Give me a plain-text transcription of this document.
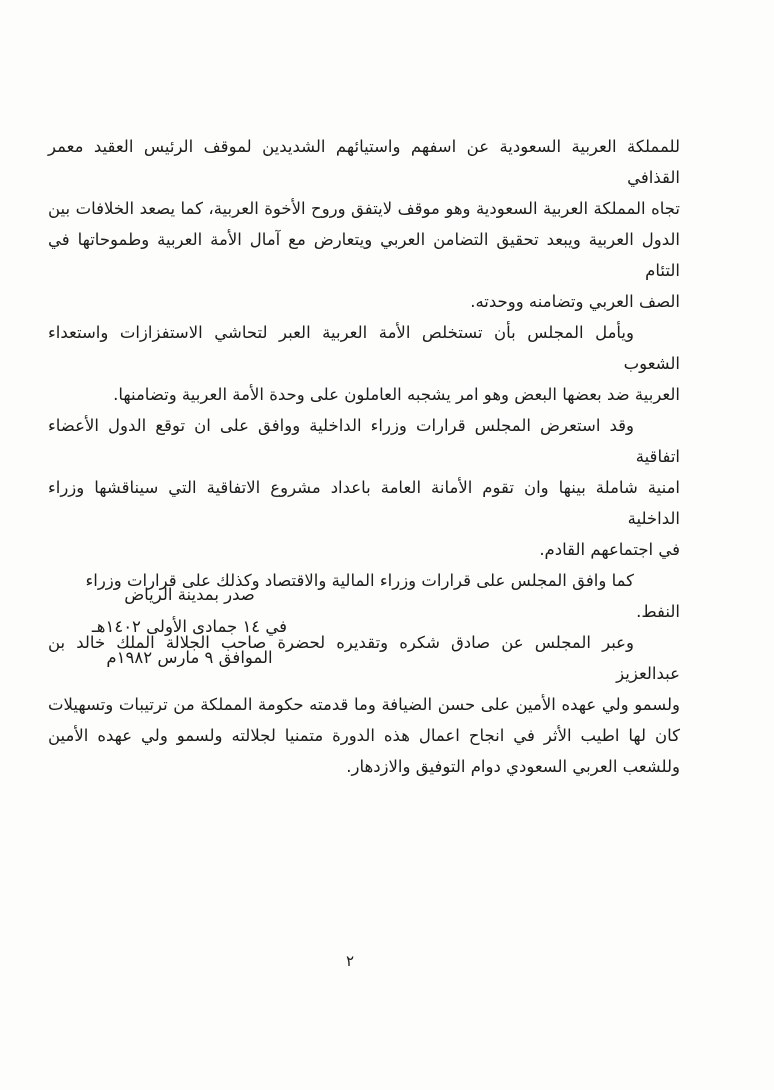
للمملكة العربية السعودية عن اسفهم واستيائهم الشديدين لموقف الرئيس العقيد معمر القذافي
تجاه المملكة العربية السعودية وهو موقف لايتفق وروح الأخوة العربية، كما يصعد الخلافات بين
الدول العربية ويبعد تحقيق التضامن العربي ويتعارض مع آمال الأمة العربية وطموحاتها في التئام
الصف العربي وتضامنه ووحدته.
ويأمل المجلس بأن تستخلص الأمة العربية العبر لتحاشي الاستفزازات واستعداء الشعوب
العربية ضد بعضها البعض وهو امر يشجبه العاملون على وحدة الأمة العربية وتضامنها.
وقد استعرض المجلس قرارات وزراء الداخلية ووافق على ان توقع الدول الأعضاء اتفاقية
امنية شاملة بينها وان تقوم الأمانة العامة باعداد مشروع الاتفاقية التي سيناقشها وزراء الداخلية
في اجتماعهم القادم.
كما وافق المجلس على قرارات وزراء المالية والاقتصاد وكذلك على قرارات وزراء النفط.
وعبر المجلس عن صادق شكره وتقديره لحضرة صاحب الجلالة الملك خالد بن عبدالعزيز
ولسمو ولي عهده الأمين على حسن الضيافة وما قدمته حكومة المملكة من ترتيبات وتسهيلات
كان لها اطيب الأثر في انجاح اعمال هذه الدورة متمنيا لجلالته ولسمو ولي عهده الأمين
وللشعب العربي السعودي دوام التوفيق والازدهار.
صدر بمدينة الرياض
في ١٤ جمادى الأولى ١٤٠٢هـ
الموافق ٩ مارس ١٩٨٢م
٢
